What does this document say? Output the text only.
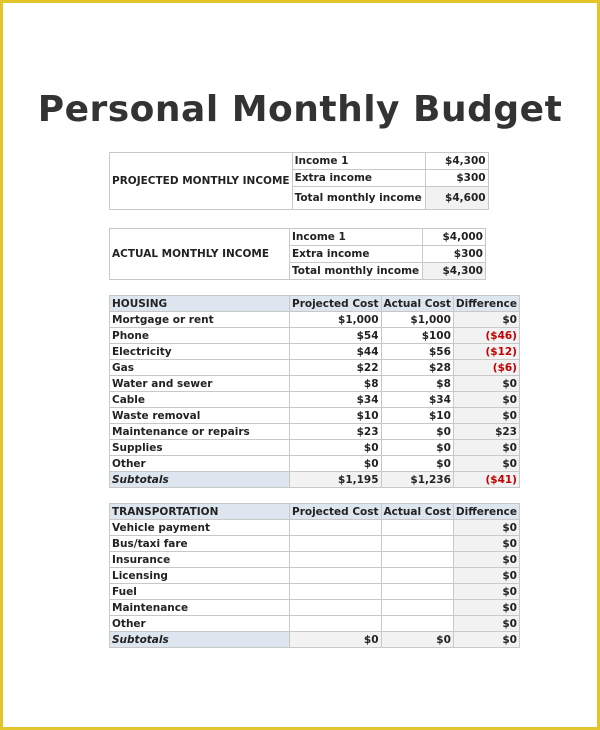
Personal Monthly Budget
PROJECTED MONTHLY INCOME	Income 1	$4,300
	Extra income	$300
	Total monthly income	$4,600
ACTUAL MONTHLY INCOME	Income 1	$4,000
	Extra income	$300
	Total monthly income	$4,300
HOUSING	Projected Cost	Actual Cost	Difference
Mortgage or rent	$1,000	$1,000	$0
Phone	$54	$100	($46)
Electricity	$44	$56	($12)
Gas	$22	$28	($6)
Water and sewer	$8	$8	$0
Cable	$34	$34	$0
Waste removal	$10	$10	$0
Maintenance or repairs	$23	$0	$23
Supplies	$0	$0	$0
Other	$0	$0	$0
Subtotals	$1,195	$1,236	($41)
TRANSPORTATION	Projected Cost	Actual Cost	Difference
Vehicle payment			$0
Bus/taxi fare			$0
Insurance			$0
Licensing			$0
Fuel			$0
Maintenance			$0
Other			$0
Subtotals	$0	$0	$0
